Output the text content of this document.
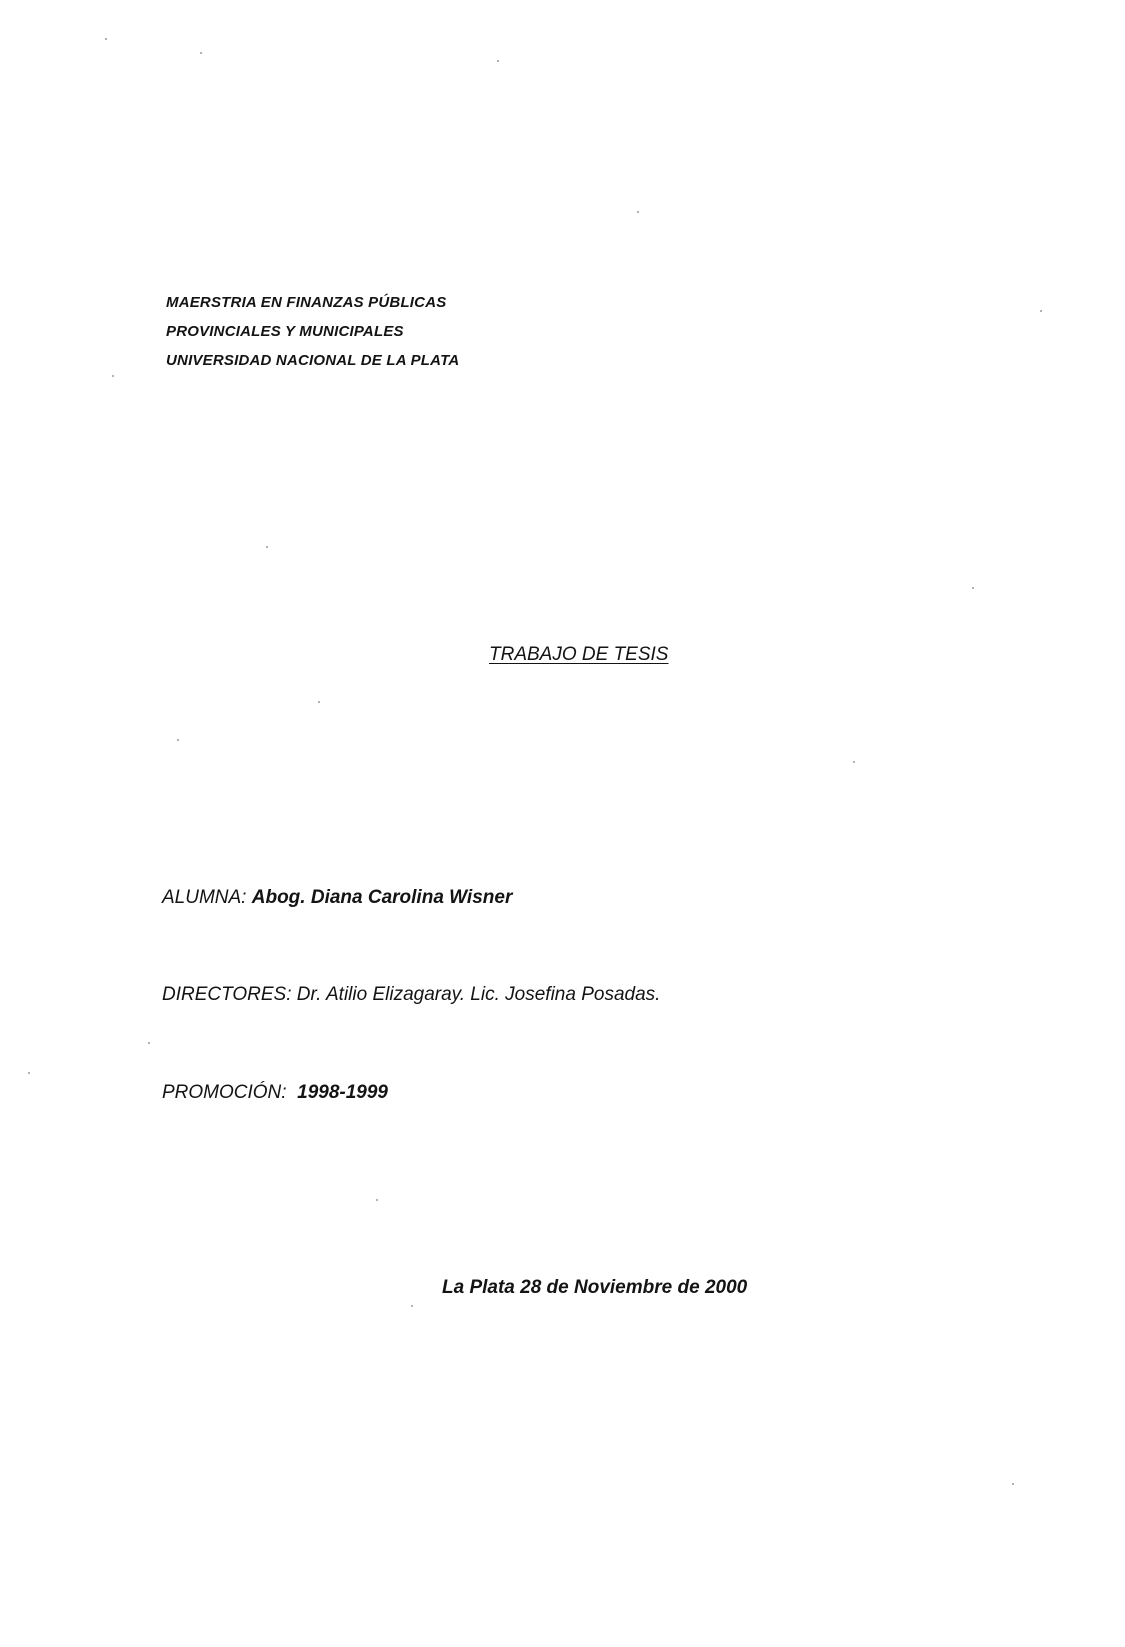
MAERSTRIA EN FINANZAS PÚBLICAS
PROVINCIALES Y MUNICIPALES
UNIVERSIDAD NACIONAL DE LA PLATA
TRABAJO DE TESIS
ALUMNA: Abog. Diana Carolina Wisner
DIRECTORES: Dr. Atilio Elizagaray. Lic. Josefina Posadas.
PROMOCIÓN: 1998-1999
La Plata 28 de Noviembre de 2000
